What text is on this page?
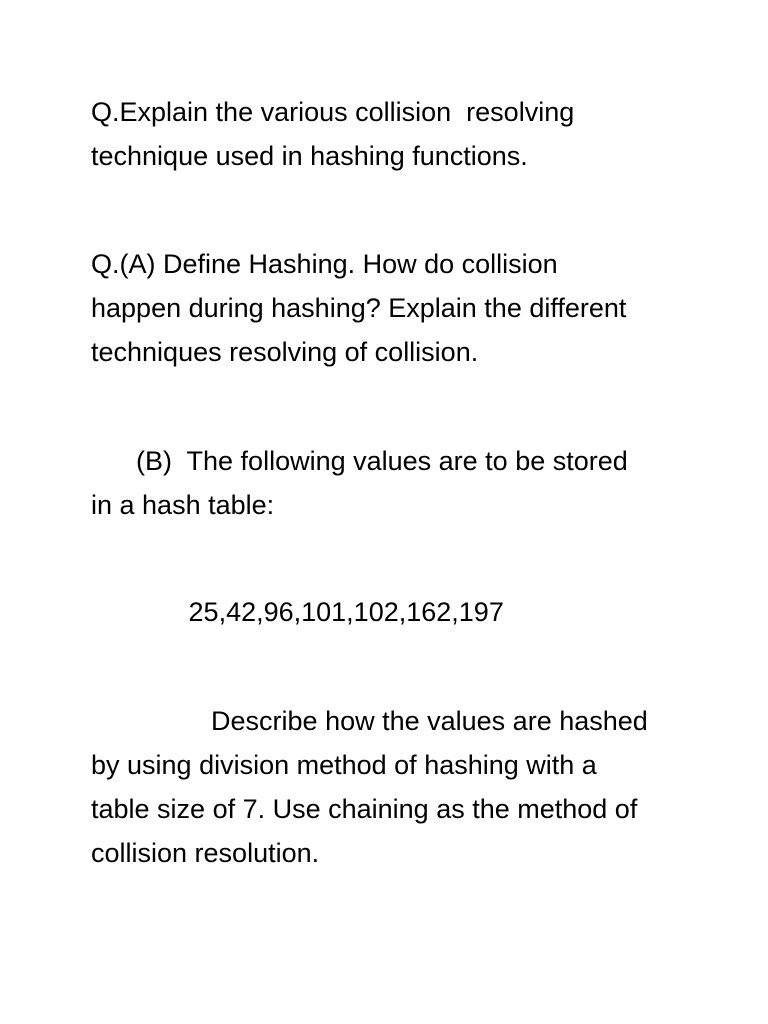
Q.Explain the various collision  resolving
technique used in hashing functions.

Q.(A) Define Hashing. How do collision
happen during hashing? Explain the different
techniques resolving of collision.

(B)  The following values are to be stored
in a hash table:

25,42,96,101,102,162,197

Describe how the values are hashed
by using division method of hashing with a
table size of 7. Use chaining as the method of
collision resolution.
